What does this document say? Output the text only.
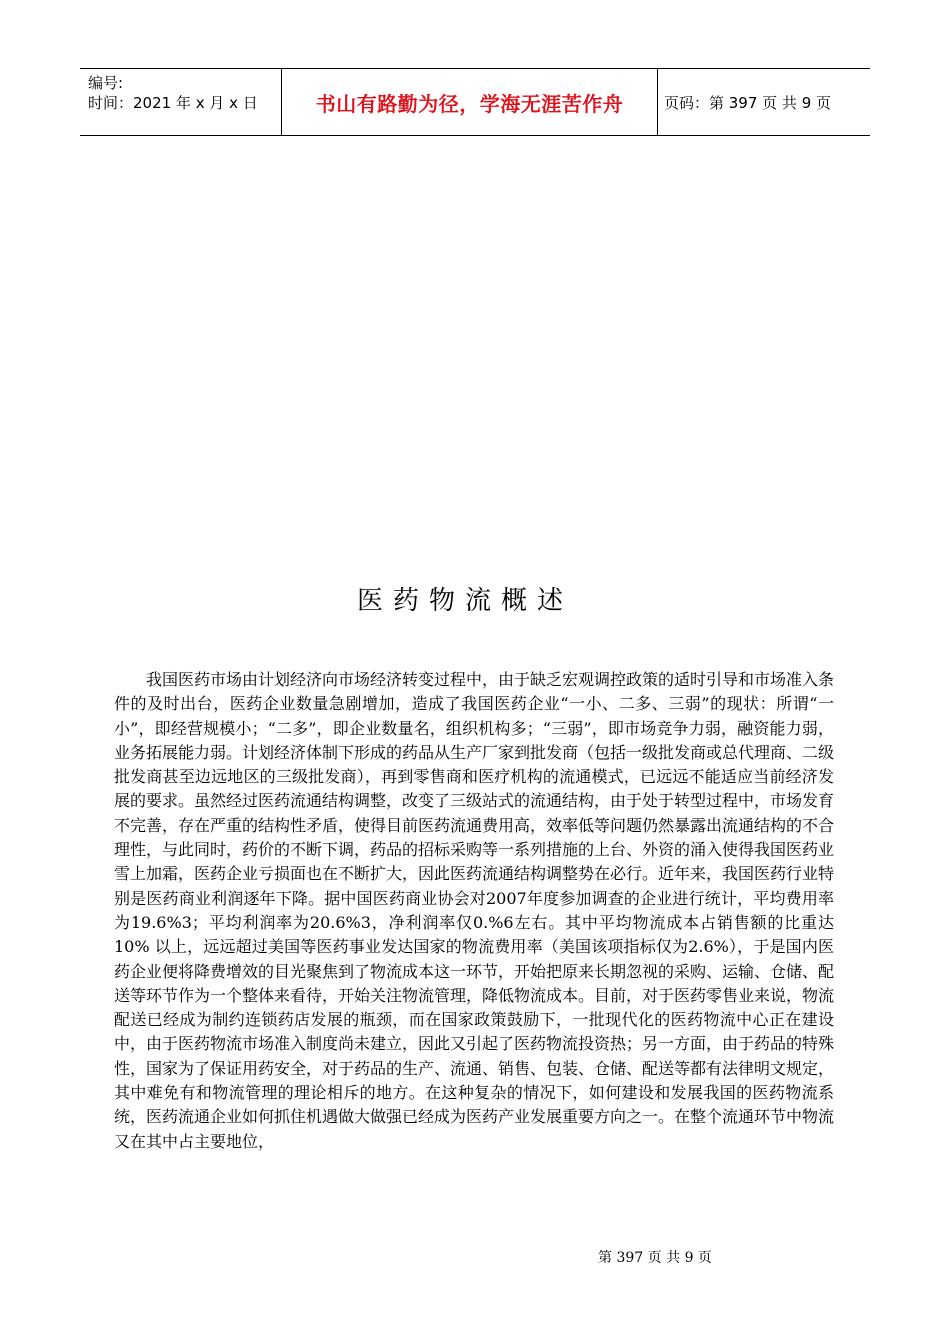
编号:
时间：2021 年 x 月 x 日	书山有路勤为径，学海无涯苦作舟	页码：第 397 页 共 9 页
医药物流概述

我国医药市场由计划经济向市场经济转变过程中，由于缺乏宏观调控政策的适时引导和市场准入条件的及时出台，医药企业数量急剧增加，造成了我国医药企业“一小、二多、三弱”的现状：所谓“一小”，即经营规模小；“二多”，即企业数量名，组织机构多；“三弱”，即市场竞争力弱，融资能力弱，业务拓展能力弱。计划经济体制下形成的药品从生产厂家到批发商（包括一级批发商或总代理商、二级批发商甚至边远地区的三级批发商），再到零售商和医疗机构的流通模式，已远远不能适应当前经济发展的要求。虽然经过医药流通结构调整，改变了三级站式的流通结构，由于处于转型过程中，市场发育不完善，存在严重的结构性矛盾，使得目前医药流通费用高，效率低等问题仍然暴露出流通结构的不合理性，与此同时，药价的不断下调，药品的招标采购等一系列措施的上台、外资的涌入使得我国医药业雪上加霜，医药企业亏损面也在不断扩大，因此医药流通结构调整势在必行。近年来，我国医药行业特别是医药商业利润逐年下降。据中国医药商业协会对2007年度参加调查的企业进行统计，平均费用率为19.6%3；平均利润率为20.6%3，净利润率仅0.%6左右。其中平均物流成本占销售额的比重达10% 以上，远远超过美国等医药事业发达国家的物流费用率（美国该项指标仅为2.6%），于是国内医药企业便将降费增效的目光聚焦到了物流成本这一环节，开始把原来长期忽视的采购、运输、仓储、配送等环节作为一个整体来看待，开始关注物流管理，降低物流成本。目前，对于医药零售业来说，物流配送已经成为制约连锁药店发展的瓶颈，而在国家政策鼓励下，一批现代化的医药物流中心正在建设中，由于医药物流市场准入制度尚未建立，因此又引起了医药物流投资热；另一方面，由于药品的特殊性，国家为了保证用药安全，对于药品的生产、流通、销售、包装、仓储、配送等都有法律明文规定，其中难免有和物流管理的理论相斥的地方。在这种复杂的情况下，如何建设和发展我国的医药物流系统，医药流通企业如何抓住机遇做大做强已经成为医药产业发展重要方向之一。在整个流通环节中物流又在其中占主要地位，

第 397 页 共 9 页
